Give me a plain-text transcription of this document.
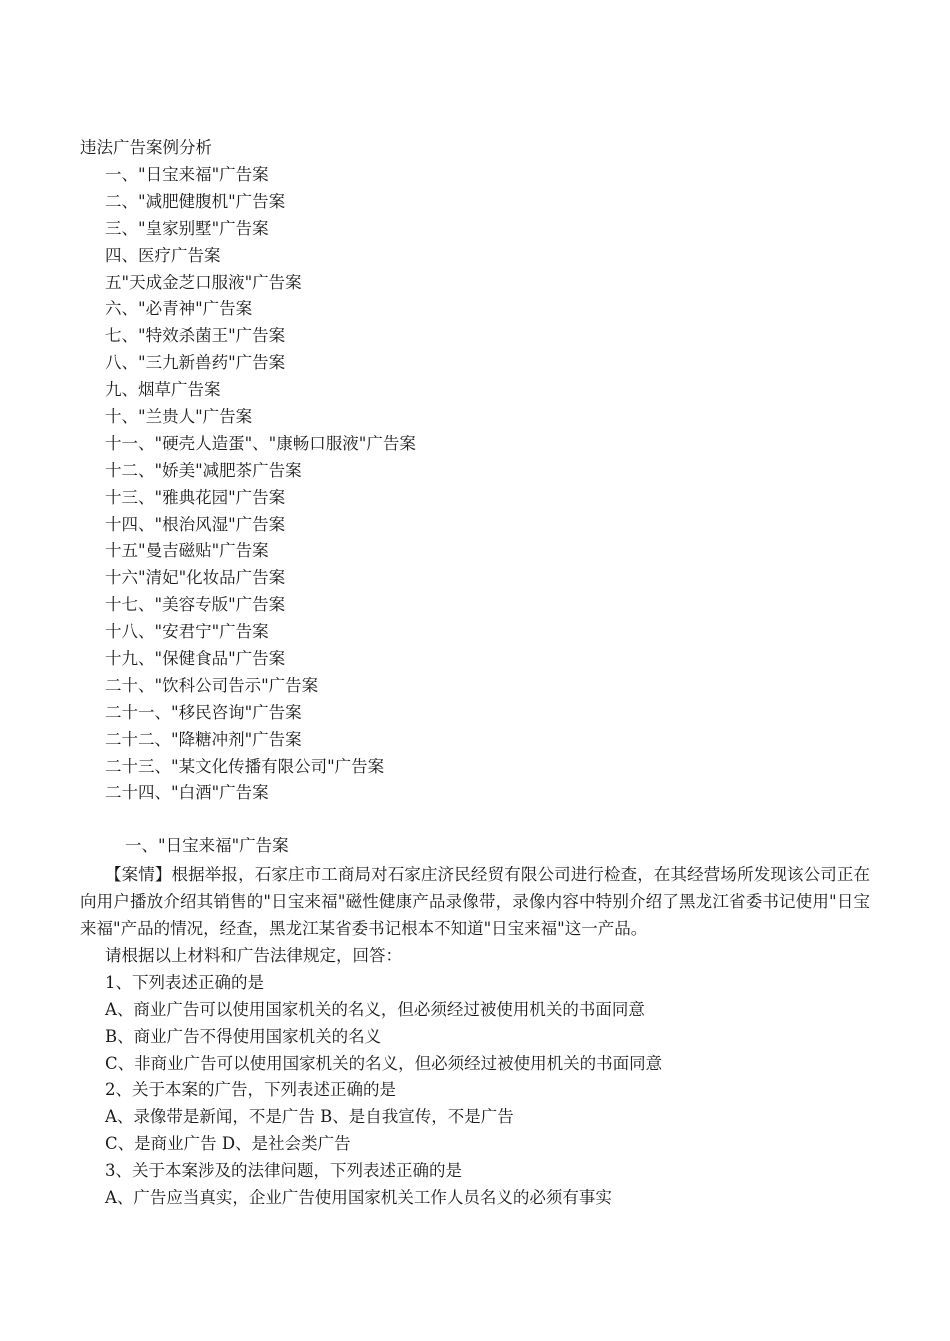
违法广告案例分析
一、"日宝来福"广告案
二、"减肥健腹机"广告案
三、"皇家别墅"广告案
四、医疗广告案
五"天成金芝口服液"广告案
六、"必青神"广告案
七、"特效杀菌王"广告案
八、"三九新兽药"广告案
九、烟草广告案
十、"兰贵人"广告案
十一、"硬壳人造蛋"、"康畅口服液"广告案
十二、"娇美"减肥茶广告案
十三、"雅典花园"广告案
十四、"根治风湿"广告案
十五"曼吉磁贴"广告案
十六"清妃"化妆品广告案
十七、"美容专版"广告案
十八、"安君宁"广告案
十九、"保健食品"广告案
二十、"饮科公司告示"广告案
二十一、"移民咨询"广告案
二十二、"降糖冲剂"广告案
二十三、"某文化传播有限公司"广告案
二十四、"白酒"广告案
一、"日宝来福"广告案

【案情】根据举报，石家庄市工商局对石家庄济民经贸有限公司进行检查，在其经营场所发现该公司正在向用户播放介绍其销售的"日宝来福"磁性健康产品录像带，录像内容中特别介绍了黑龙江省委书记使用"日宝来福"产品的情况，经查，黑龙江某省委书记根本不知道"日宝来福"这一产品。

请根据以上材料和广告法律规定，回答：
1、下列表述正确的是
A、商业广告可以使用国家机关的名义，但必须经过被使用机关的书面同意
B、商业广告不得使用国家机关的名义
C、非商业广告可以使用国家机关的名义，但必须经过被使用机关的书面同意
2、关于本案的广告，下列表述正确的是
A、录像带是新闻，不是广告 B、是自我宣传，不是广告
C、是商业广告 D、是社会类广告
3、关于本案涉及的法律问题，下列表述正确的是
A、广告应当真实，企业广告使用国家机关工作人员名义的必须有事实
